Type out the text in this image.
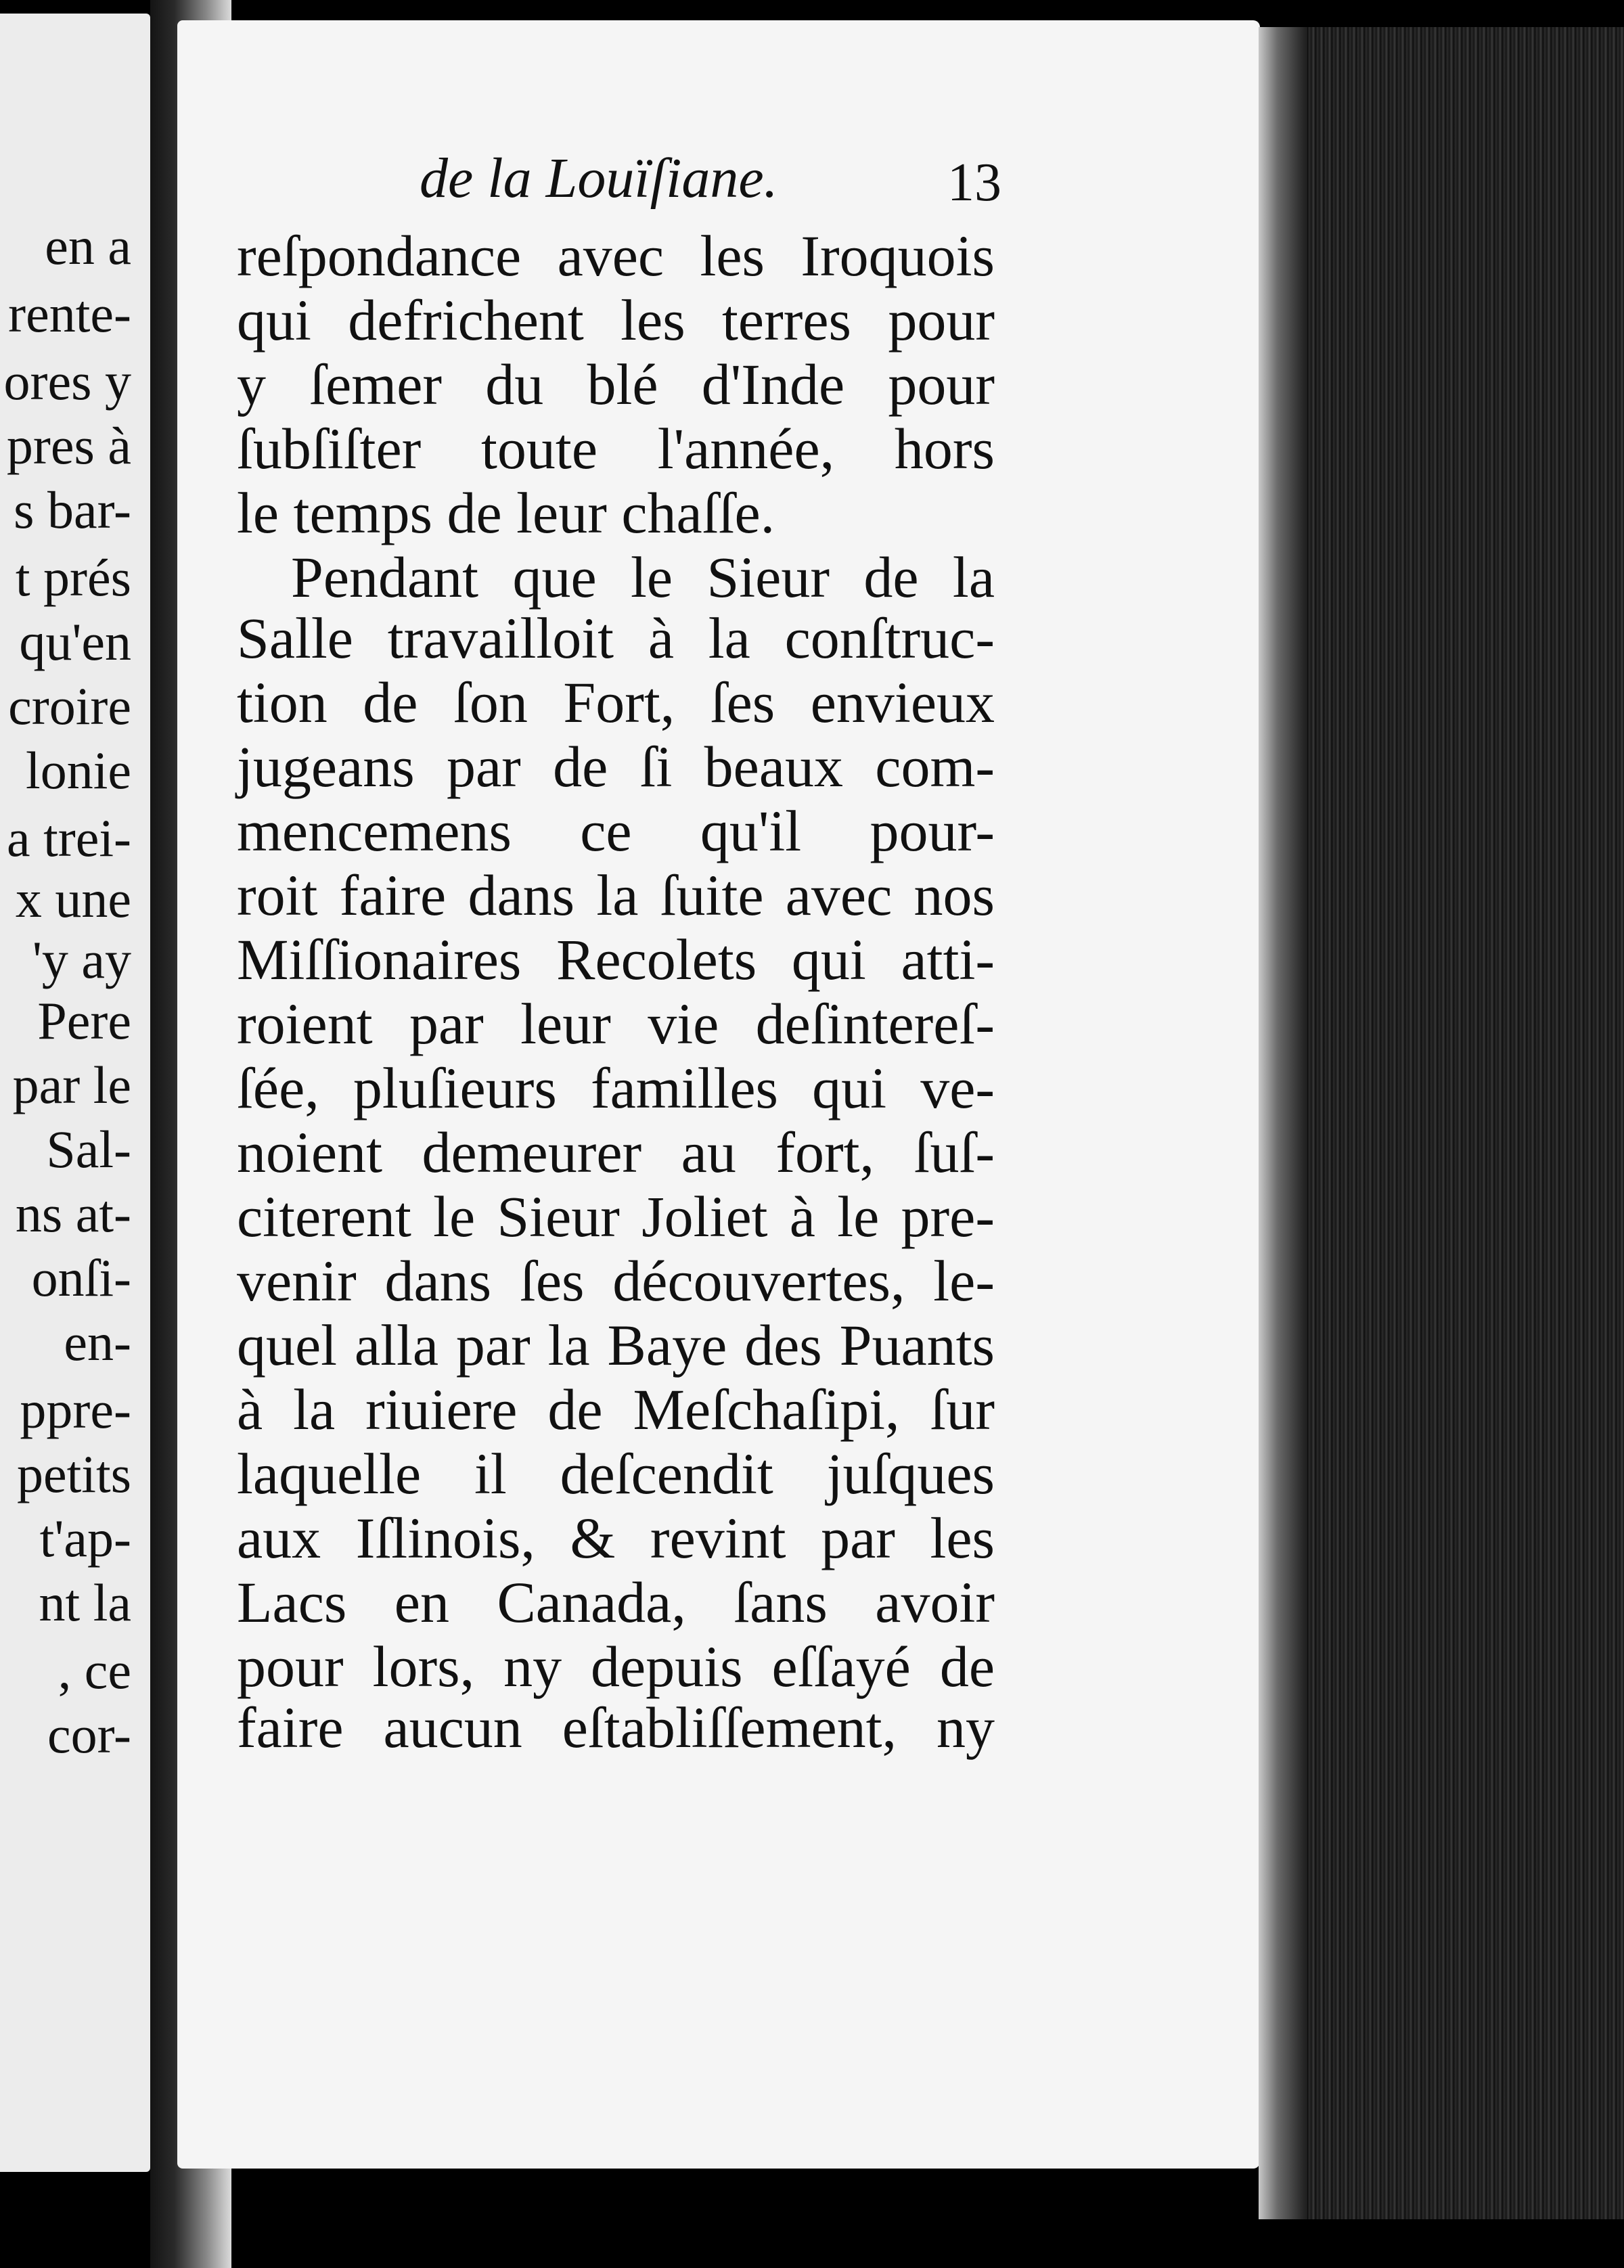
en a
rente-
ores y
pres à
s bar-
t prés
qu'en
croire
lonie
a trei-
x une
'y ay
Pere
par le
Sal-
ns at-
onſi-
en-
ppre-
petits
t'ap-
nt la
, ce
cor-
de la Louïſiane.	13
reſpondance avec les Iroquois
qui defrichent les terres pour
y ſemer du blé d'Inde pour
ſubſiſter toute l'année, hors
le temps de leur chaſſe.
Pendant que le Sieur de la
Salle travailloit à la conſtruc-
tion de ſon Fort, ſes envieux
jugeans par de ſi beaux com-
mencemens ce qu'il pour-
roit faire dans la ſuite avec nos
Miſſionaires Recolets qui atti-
roient par leur vie deſintereſ-
ſée, pluſieurs familles qui ve-
noient demeurer au fort, ſuſ-
citerent le Sieur Joliet à le pre-
venir dans ſes découvertes, le-
quel alla par la Baye des Puants
à la riuiere de Meſchaſipi, ſur
laquelle il deſcendit juſques
aux Iſlinois, & revint par les
Lacs en Canada, ſans avoir
pour lors, ny depuis eſſayé de
faire aucun eſtabliſſement, ny
